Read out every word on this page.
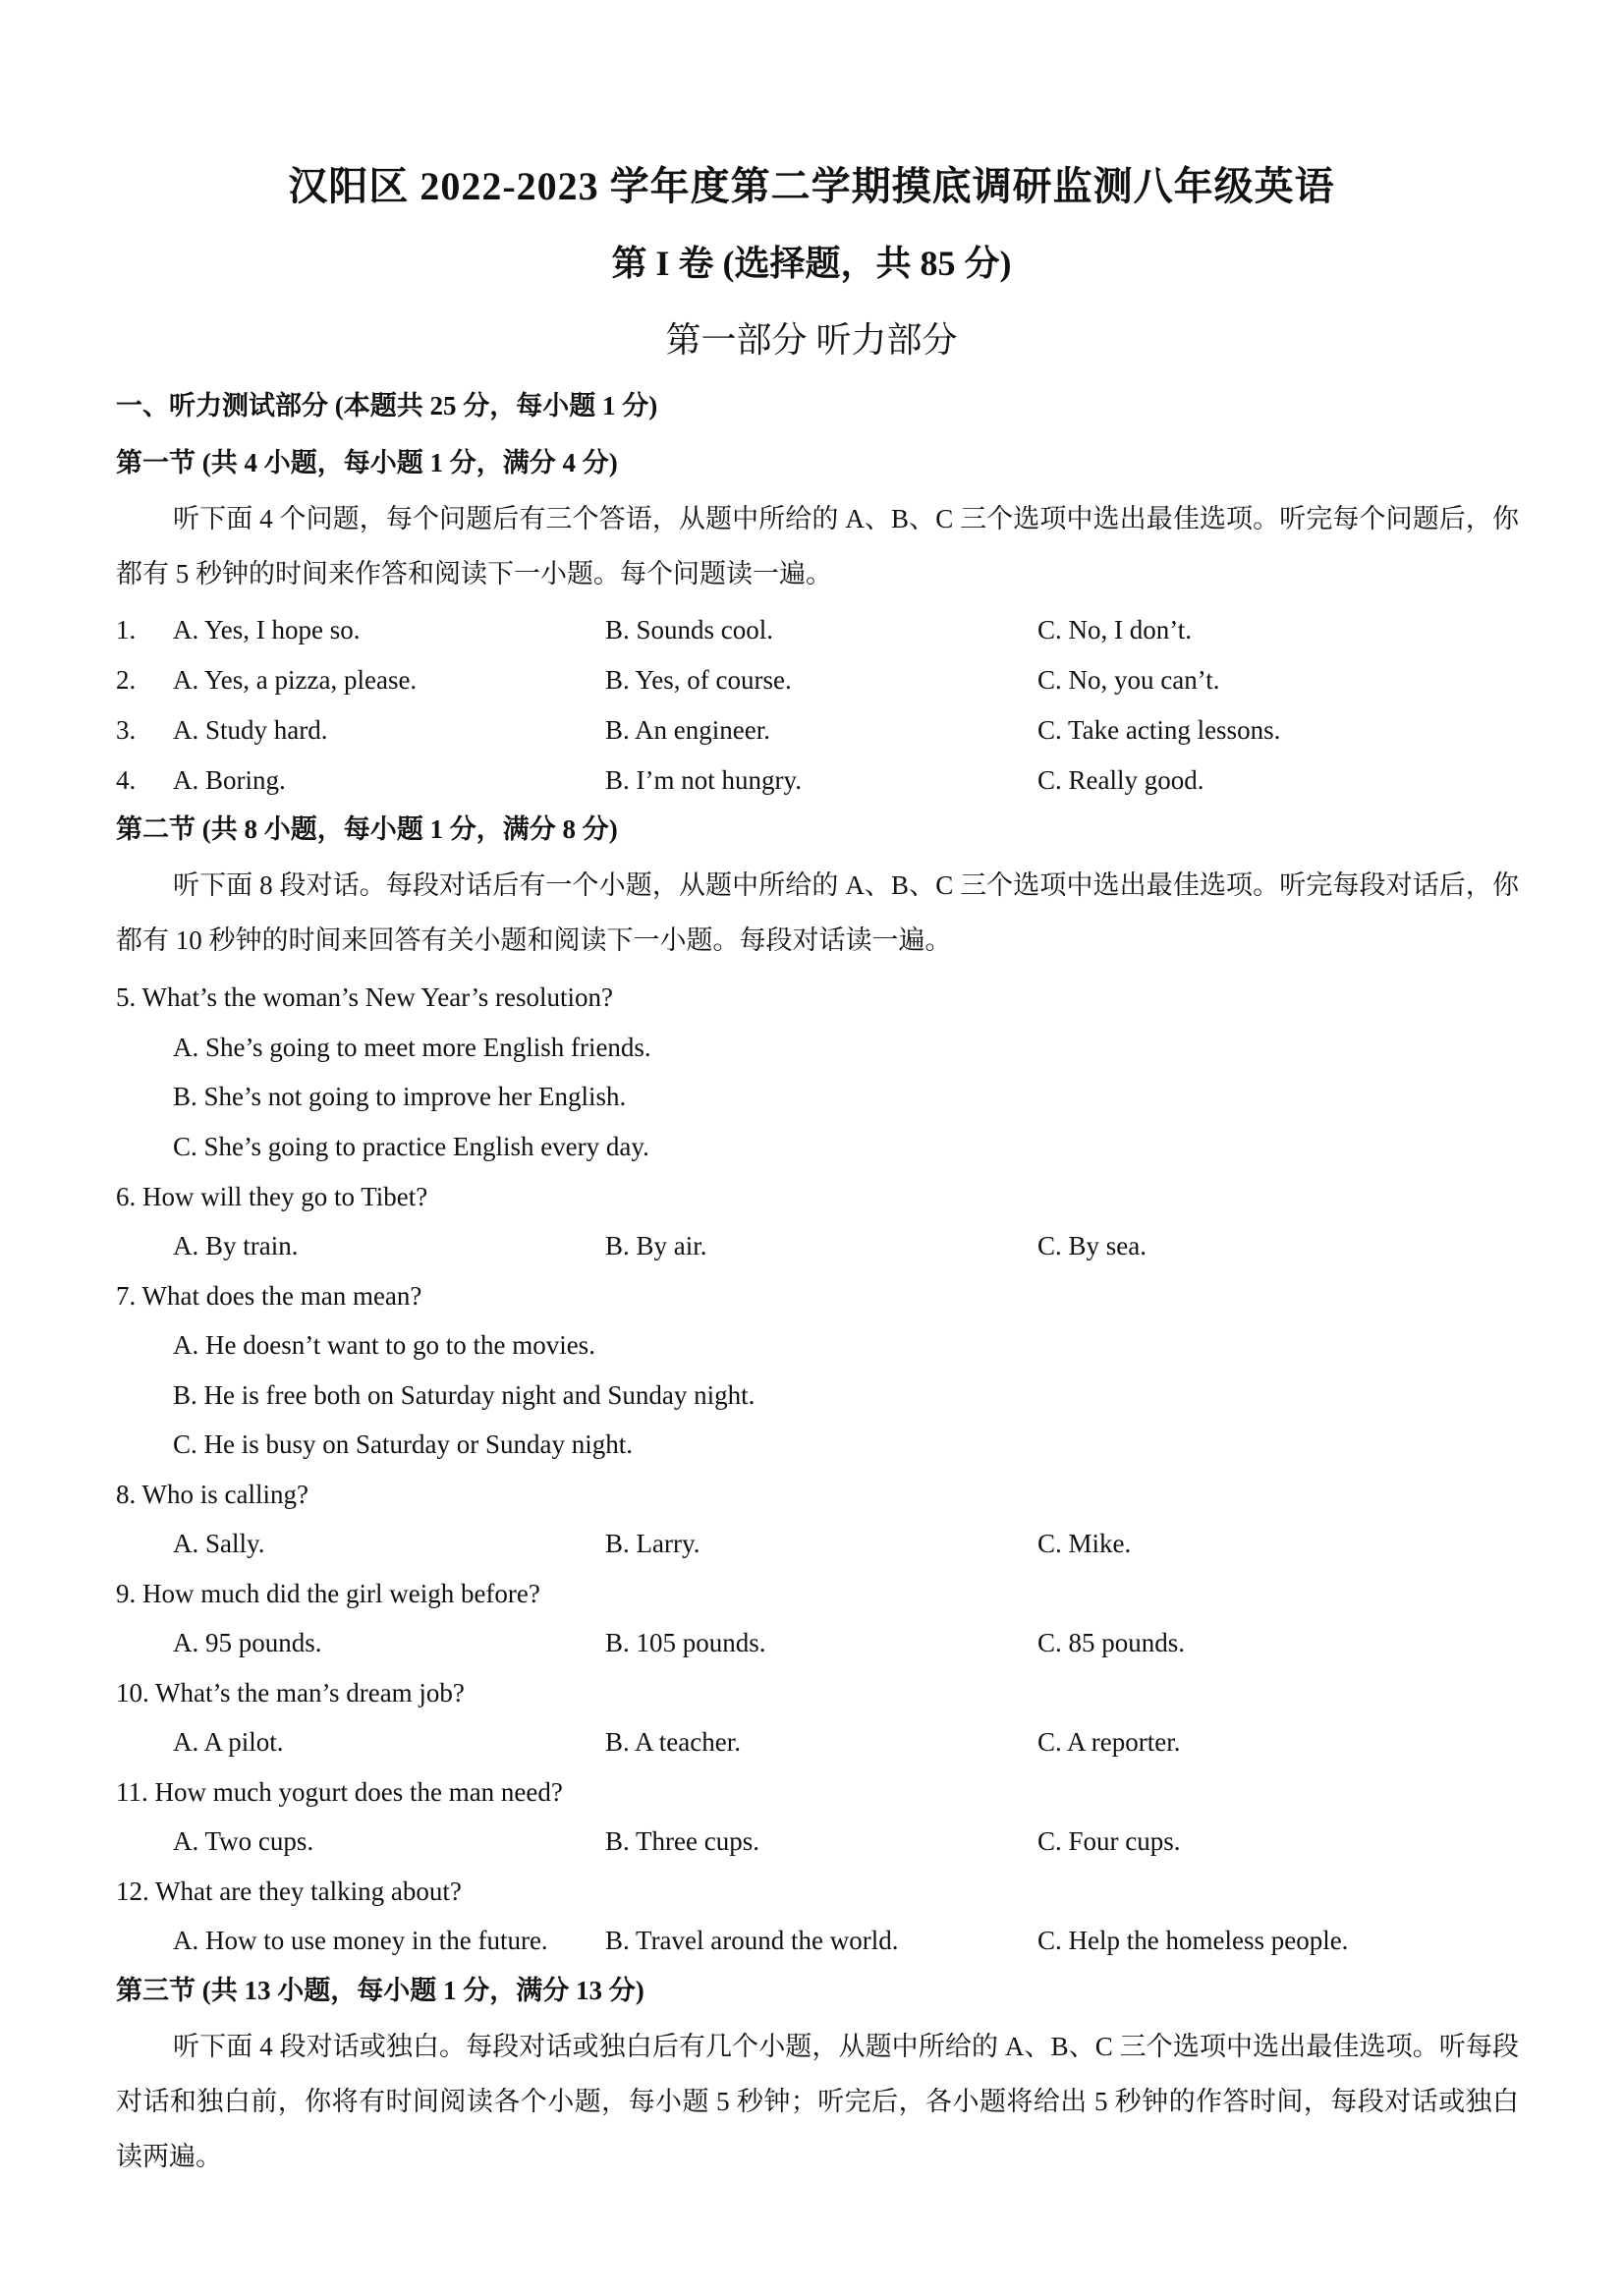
汉阳区 2022-2023 学年度第二学期摸底调研监测八年级英语
第 I 卷 (选择题，共 85 分)
第一部分 听力部分
一、听力测试部分 (本题共 25 分，每小题 1 分)
第一节 (共 4 小题，每小题 1 分，满分 4 分)
听下面 4 个问题，每个问题后有三个答语，从题中所给的 A、B、C 三个选项中选出最佳选项。听完每个问题后，你都有 5 秒钟的时间来作答和阅读下一小题。每个问题读一遍。
1. A. Yes, I hope so.	B. Sounds cool.	C. No, I don’t.
2. A. Yes, a pizza, please.	B. Yes, of course.	C. No, you can’t.
3. A. Study hard.	B. An engineer.	C. Take acting lessons.
4. A. Boring.	B. I’m not hungry.	C. Really good.
第二节 (共 8 小题，每小题 1 分，满分 8 分)
听下面 8 段对话。每段对话后有一个小题，从题中所给的 A、B、C 三个选项中选出最佳选项。听完每段对话后，你都有 10 秒钟的时间来回答有关小题和阅读下一小题。每段对话读一遍。
5. What’s the woman’s New Year’s resolution?
A. She’s going to meet more English friends.
B. She’s not going to improve her English.
C. She’s going to practice English every day.
6. How will they go to Tibet?
A. By train.	B. By air.	C. By sea.
7. What does the man mean?
A. He doesn’t want to go to the movies.
B. He is free both on Saturday night and Sunday night.
C. He is busy on Saturday or Sunday night.
8. Who is calling?
A. Sally.	B. Larry.	C. Mike.
9. How much did the girl weigh before?
A. 95 pounds.	B. 105 pounds.	C. 85 pounds.
10. What’s the man’s dream job?
A. A pilot.	B. A teacher.	C. A reporter.
11. How much yogurt does the man need?
A. Two cups.	B. Three cups.	C. Four cups.
12. What are they talking about?
A. How to use money in the future. B. Travel around the world.	C. Help the homeless people.
第三节 (共 13 小题，每小题 1 分，满分 13 分)
听下面 4 段对话或独白。每段对话或独白后有几个小题，从题中所给的 A、B、C 三个选项中选出最佳选项。听每段对话和独白前，你将有时间阅读各个小题，每小题 5 秒钟；听完后，各小题将给出 5 秒钟的作答时间，每段对话或独白读两遍。
